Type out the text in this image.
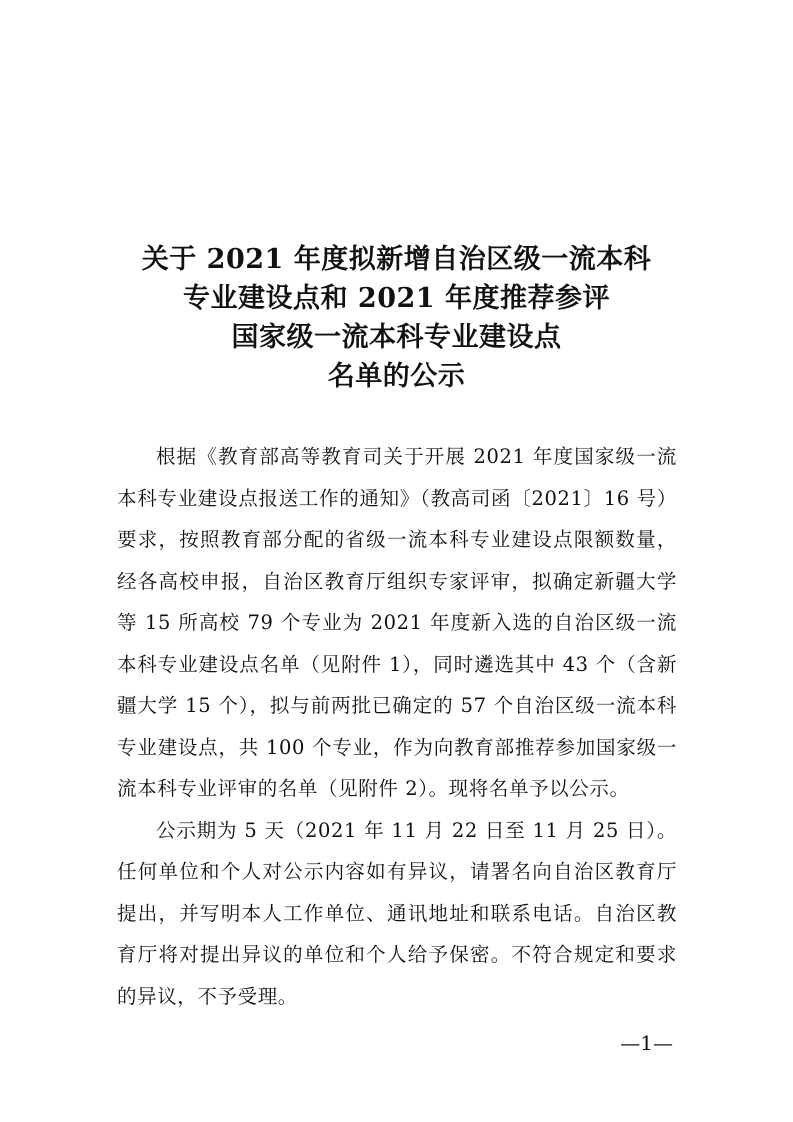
关于 2021 年度拟新增自治区级一流本科
专业建设点和 2021 年度推荐参评
国家级一流本科专业建设点
名单的公示

根据《教育部高等教育司关于开展 2021 年度国家级一流本科专业建设点报送工作的通知》（教高司函〔2021〕16 号）要求，按照教育部分配的省级一流本科专业建设点限额数量，经各高校申报，自治区教育厅组织专家评审，拟确定新疆大学等 15 所高校 79 个专业为 2021 年度新入选的自治区级一流本科专业建设点名单（见附件 1），同时遴选其中 43 个（含新疆大学 15 个），拟与前两批已确定的 57 个自治区级一流本科专业建设点，共 100 个专业，作为向教育部推荐参加国家级一流本科专业评审的名单（见附件 2）。现将名单予以公示。

公示期为 5 天（2021 年 11 月 22 日至 11 月 25 日）。任何单位和个人对公示内容如有异议，请署名向自治区教育厅提出，并写明本人工作单位、通讯地址和联系电话。自治区教育厅将对提出异议的单位和个人给予保密。不符合规定和要求的异议，不予受理。

—1—
